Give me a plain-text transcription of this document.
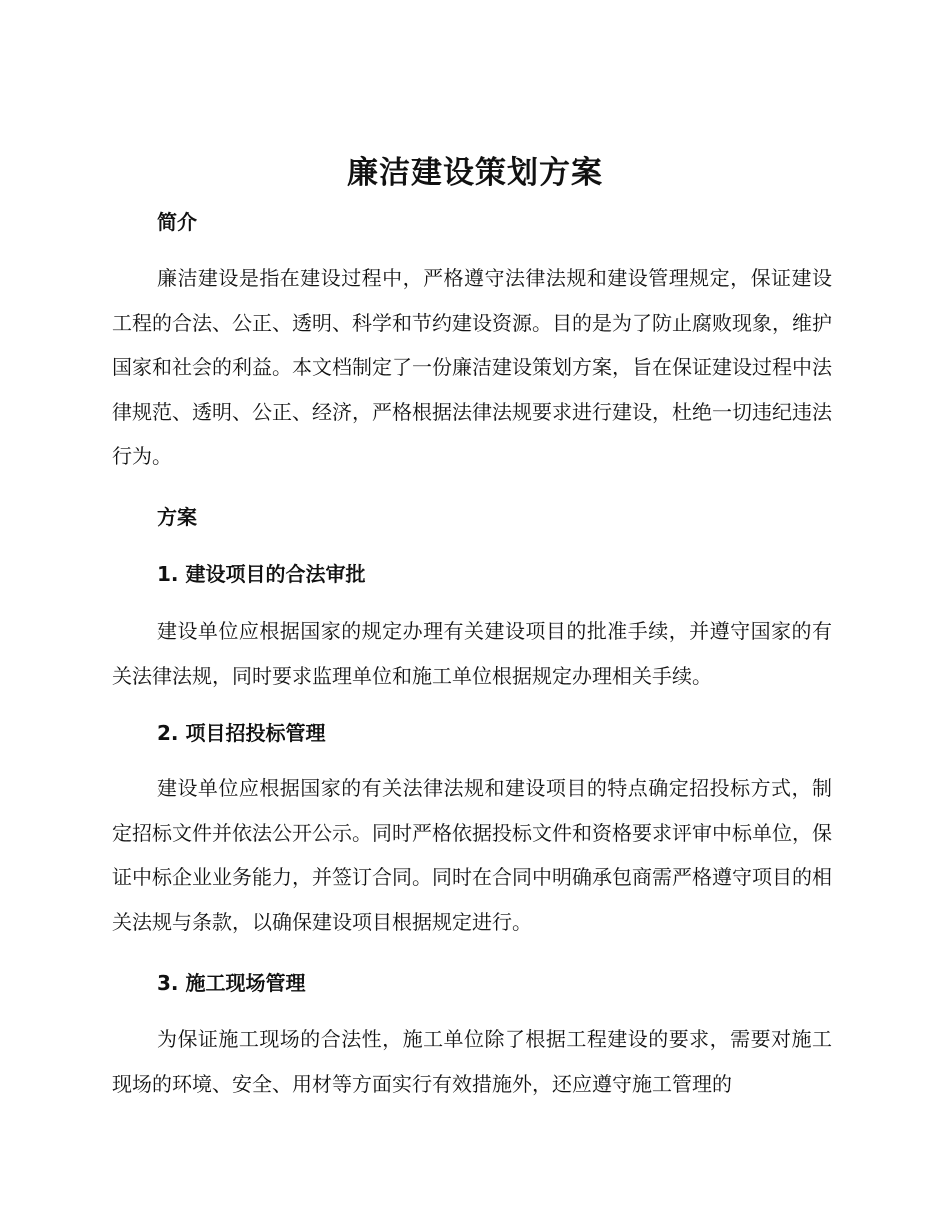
廉洁建设策划方案
简介

廉洁建设是指在建设过程中，严格遵守法律法规和建设管理规定，保证建设工程的合法、公正、透明、科学和节约建设资源。目的是为了防止腐败现象，维护国家和社会的利益。本文档制定了一份廉洁建设策划方案，旨在保证建设过程中法律规范、透明、公正、经济，严格根据法律法规要求进行建设，杜绝一切违纪违法行为。

方案
1. 建设项目的合法审批

建设单位应根据国家的规定办理有关建设项目的批准手续，并遵守国家的有关法律法规，同时要求监理单位和施工单位根据规定办理相关手续。

2. 项目招投标管理

建设单位应根据国家的有关法律法规和建设项目的特点确定招投标方式，制定招标文件并依法公开公示。同时严格依据投标文件和资格要求评审中标单位，保证中标企业业务能力，并签订合同。同时在合同中明确承包商需严格遵守项目的相关法规与条款，以确保建设项目根据规定进行。

3. 施工现场管理

为保证施工现场的合法性，施工单位除了根据工程建设的要求，需要对施工现场的环境、安全、用材等方面实行有效措施外，还应遵守施工管理的
